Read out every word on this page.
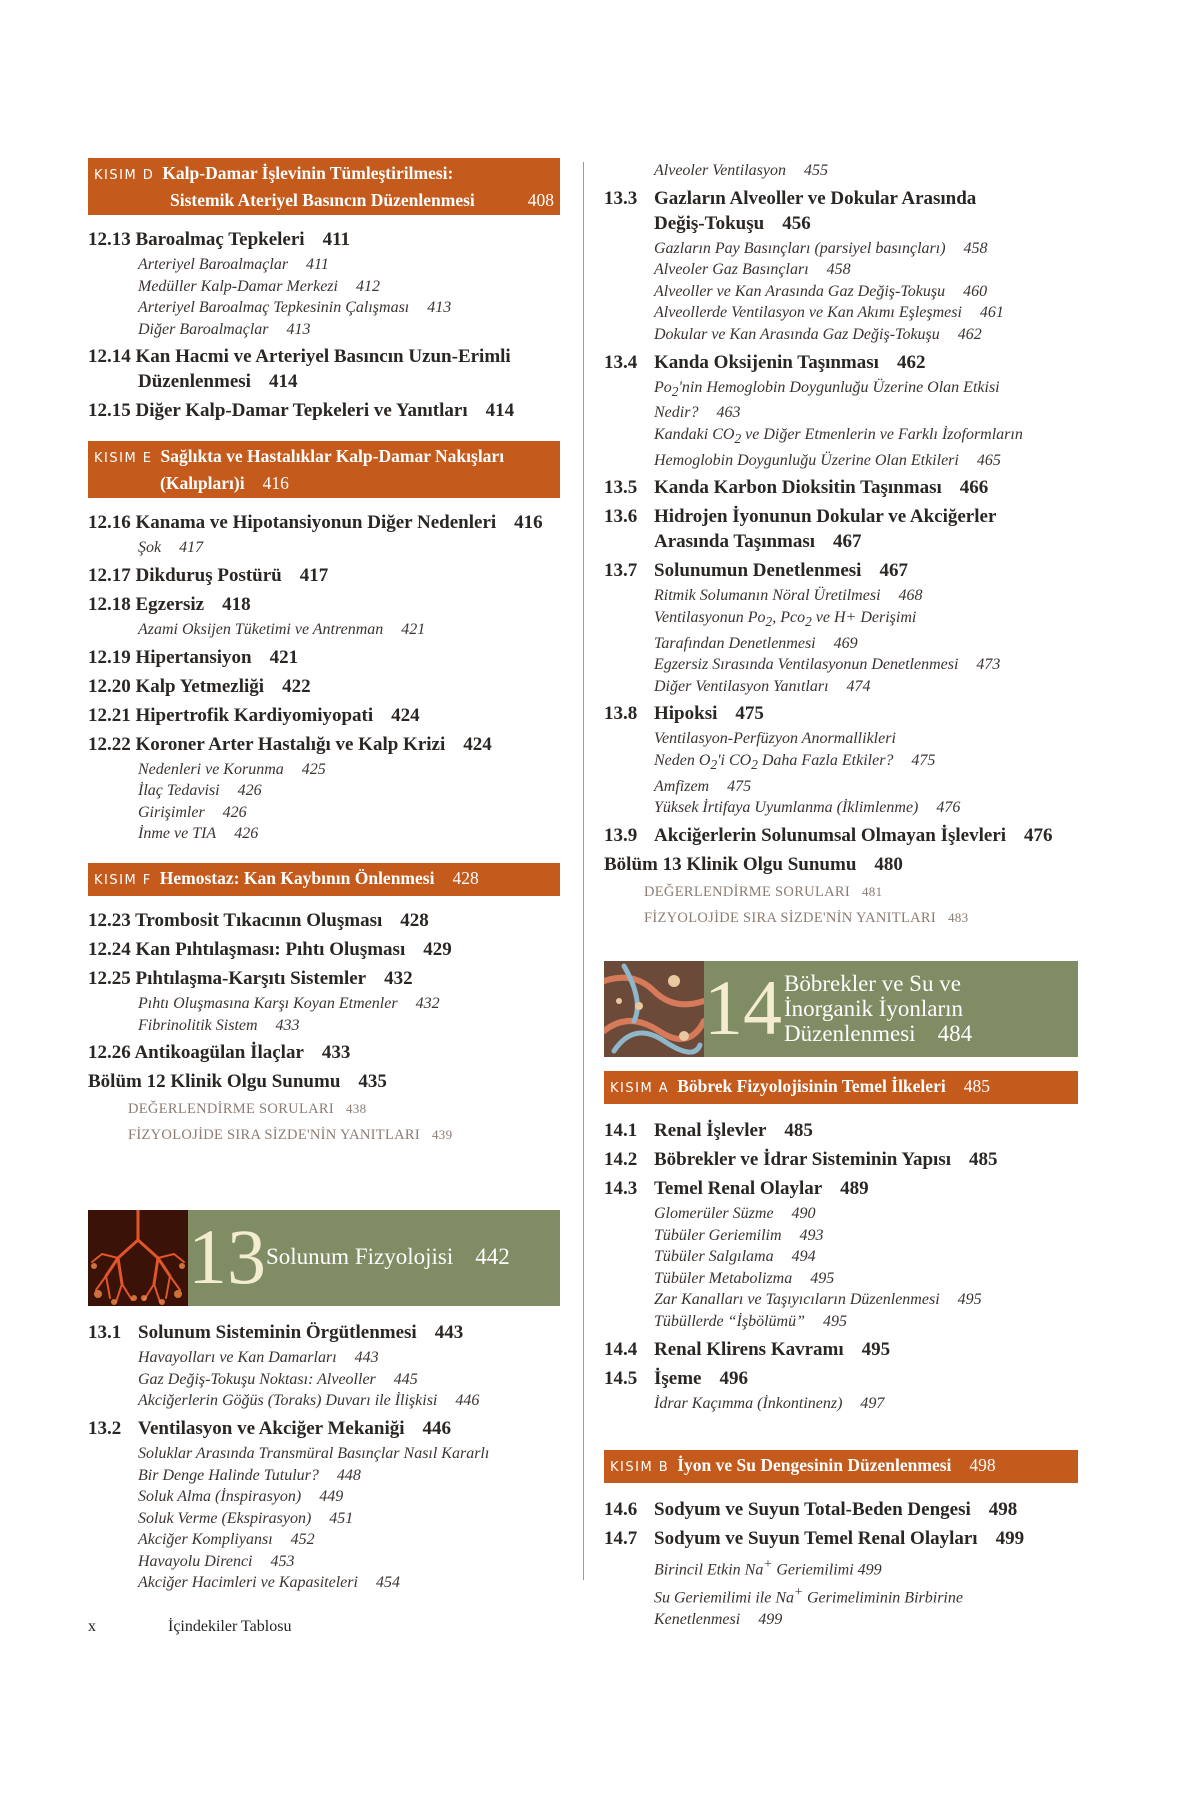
KISIM D Kalp-Damar İşlevinin Tümleştirilmesi:
Sistemik Ateriyel Basıncın Düzenlenmesi	408
12.13 Baroalmaç Tepkeleri 411
Arteriyel Baroalmaçlar 411
Medüller Kalp-Damar Merkezi 412
Arteriyel Baroalmaç Tepkesinin Çalışması 413
Diğer Baroalmaçlar 413
12.14 Kan Hacmi ve Arteriyel Basıncın Uzun-Erimli
Düzenlenmesi 414
12.15 Diğer Kalp-Damar Tepkeleri ve Yanıtları 414
KISIM E Sağlıkta ve Hastalıklar Kalp-Damar Nakışları
(Kalıpları)i 416
12.16 Kanama ve Hipotansiyonun Diğer Nedenleri 416
Şok 417
12.17 Dikduruş Postürü 417
12.18 Egzersiz 418
Azami Oksijen Tüketimi ve Antrenman 421
12.19 Hipertansiyon 421
12.20 Kalp Yetmezliği 422
12.21 Hipertrofik Kardiyomiyopati 424
12.22 Koroner Arter Hastalığı ve Kalp Krizi 424
Nedenleri ve Korunma 425
İlaç Tedavisi 426
Girişimler 426
İnme ve TIA 426
KISIM F Hemostaz: Kan Kaybının Önlenmesi 428
12.23 Trombosit Tıkacının Oluşması 428
12.24 Kan Pıhtılaşması: Pıhtı Oluşması 429
12.25 Pıhtılaşma-Karşıtı Sistemler 432
Pıhtı Oluşmasına Karşı Koyan Etmenler 432
Fibrinolitik Sistem 433
12.26 Antikoagülan İlaçlar 433
Bölüm 12 Klinik Olgu Sunumu 435
DEĞERLENDİRME SORULARI 438
FİZYOLOJİDE SIRA SİZDE'NİN YANITLARI 439
13 Solunum Fizyolojisi 442
13.1 Solunum Sisteminin Örgütlenmesi 443
Havayolları ve Kan Damarları 443
Gaz Değiş-Tokuşu Noktası: Alveoller 445
Akciğerlerin Göğüs (Toraks) Duvarı ile İlişkisi 446
13.2 Ventilasyon ve Akciğer Mekaniği 446
Soluklar Arasında Transmüral Basınçlar Nasıl Kararlı
Bir Denge Halinde Tutulur? 448
Soluk Alma (İnspirasyon) 449
Soluk Verme (Ekspirasyon) 451
Akciğer Kompliyansı 452
Havayolu Direnci 453
Akciğer Hacimleri ve Kapasiteleri 454
Alveoler Ventilasyon 455
13.3 Gazların Alveoller ve Dokular Arasında
Değiş-Tokuşu 456
Gazların Pay Basınçları (parsiyel basınçları) 458
Alveoler Gaz Basınçları 458
Alveoller ve Kan Arasında Gaz Değiş-Tokuşu 460
Alveollerde Ventilasyon ve Kan Akımı Eşleşmesi 461
Dokular ve Kan Arasında Gaz Değiş-Tokuşu 462
13.4 Kanda Oksijenin Taşınması 462
$Po_2'nin$ Hemoglobin Doygunluğu Üzerine Olan Etkisi
Nedir? 463
Kandaki $CO_2$ ve Diğer Etmenlerin ve Farklı İzoformların
Hemoglobin Doygunluğu Üzerine Olan Etkileri 465
13.5 Kanda Karbon Dioksitin Taşınması 466
13.6 Hidrojen İyonunun Dokular ve Akciğerler
Arasında Taşınması 467
13.7 Solunumun Denetlenmesi 467
Ritmik Solumanın Nöral Üretilmesi 468
Ventilasyonun $Po_2$, Pco$_2$ ve H+ Derişimi
Tarafından Denetlenmesi 469
Egzersiz Sırasında Ventilasyonun Denetlenmesi 473
Diğer Ventilasyon Yanıtları 474
13.8 Hipoksi 475
Ventilasyon-Perfüzyon Anormallikleri
Neden $O_2'i$ $CO_2$ Daha Fazla Etkiler? 475
Amfizem 475
Yüksek İrtifaya Uyumlanma (İklimlenme) 476
13.9 Akciğerlerin Solunumsal Olmayan İşlevleri 476
Bölüm 13 Klinik Olgu Sunumu 480
DEĞERLENDİRME SORULARI 481
FİZYOLOJİDE SIRA SİZDE'NİN YANITLARI 483
14 Böbrekler ve Su ve
İnorganik İyonların
Düzenlenmesi 484
KISIM A Böbrek Fizyolojisinin Temel İlkeleri 485
14.1 Renal İşlevler 485
14.2 Böbrekler ve İdrar Sisteminin Yapısı 485
14.3 Temel Renal Olaylar 489
Glomerüler Süzme 490
Tübüler Geriemilim 493
Tübüler Salgılama 494
Tübüler Metabolizma 495
Zar Kanalları ve Taşıyıcıların Düzenlenmesi 495
Tübüllerde “İşbölümü” 495
14.4 Renal Klirens Kavramı 495
14.5 İşeme 496
İdrar Kaçımma (İnkontinenz) 497
KISIM B İyon ve Su Dengesinin Düzenlenmesi 498
14.6 Sodyum ve Suyun Total-Beden Dengesi 498
14.7 Sodyum ve Suyun Temel Renal Olayları 499
Birincil Etkin Na+ Geriemilimi 499
Su Geriemilimi ile Na+ Gerimeliminin Birbirine
Kenetlenmesi 499
x	İçindekiler Tablosu
